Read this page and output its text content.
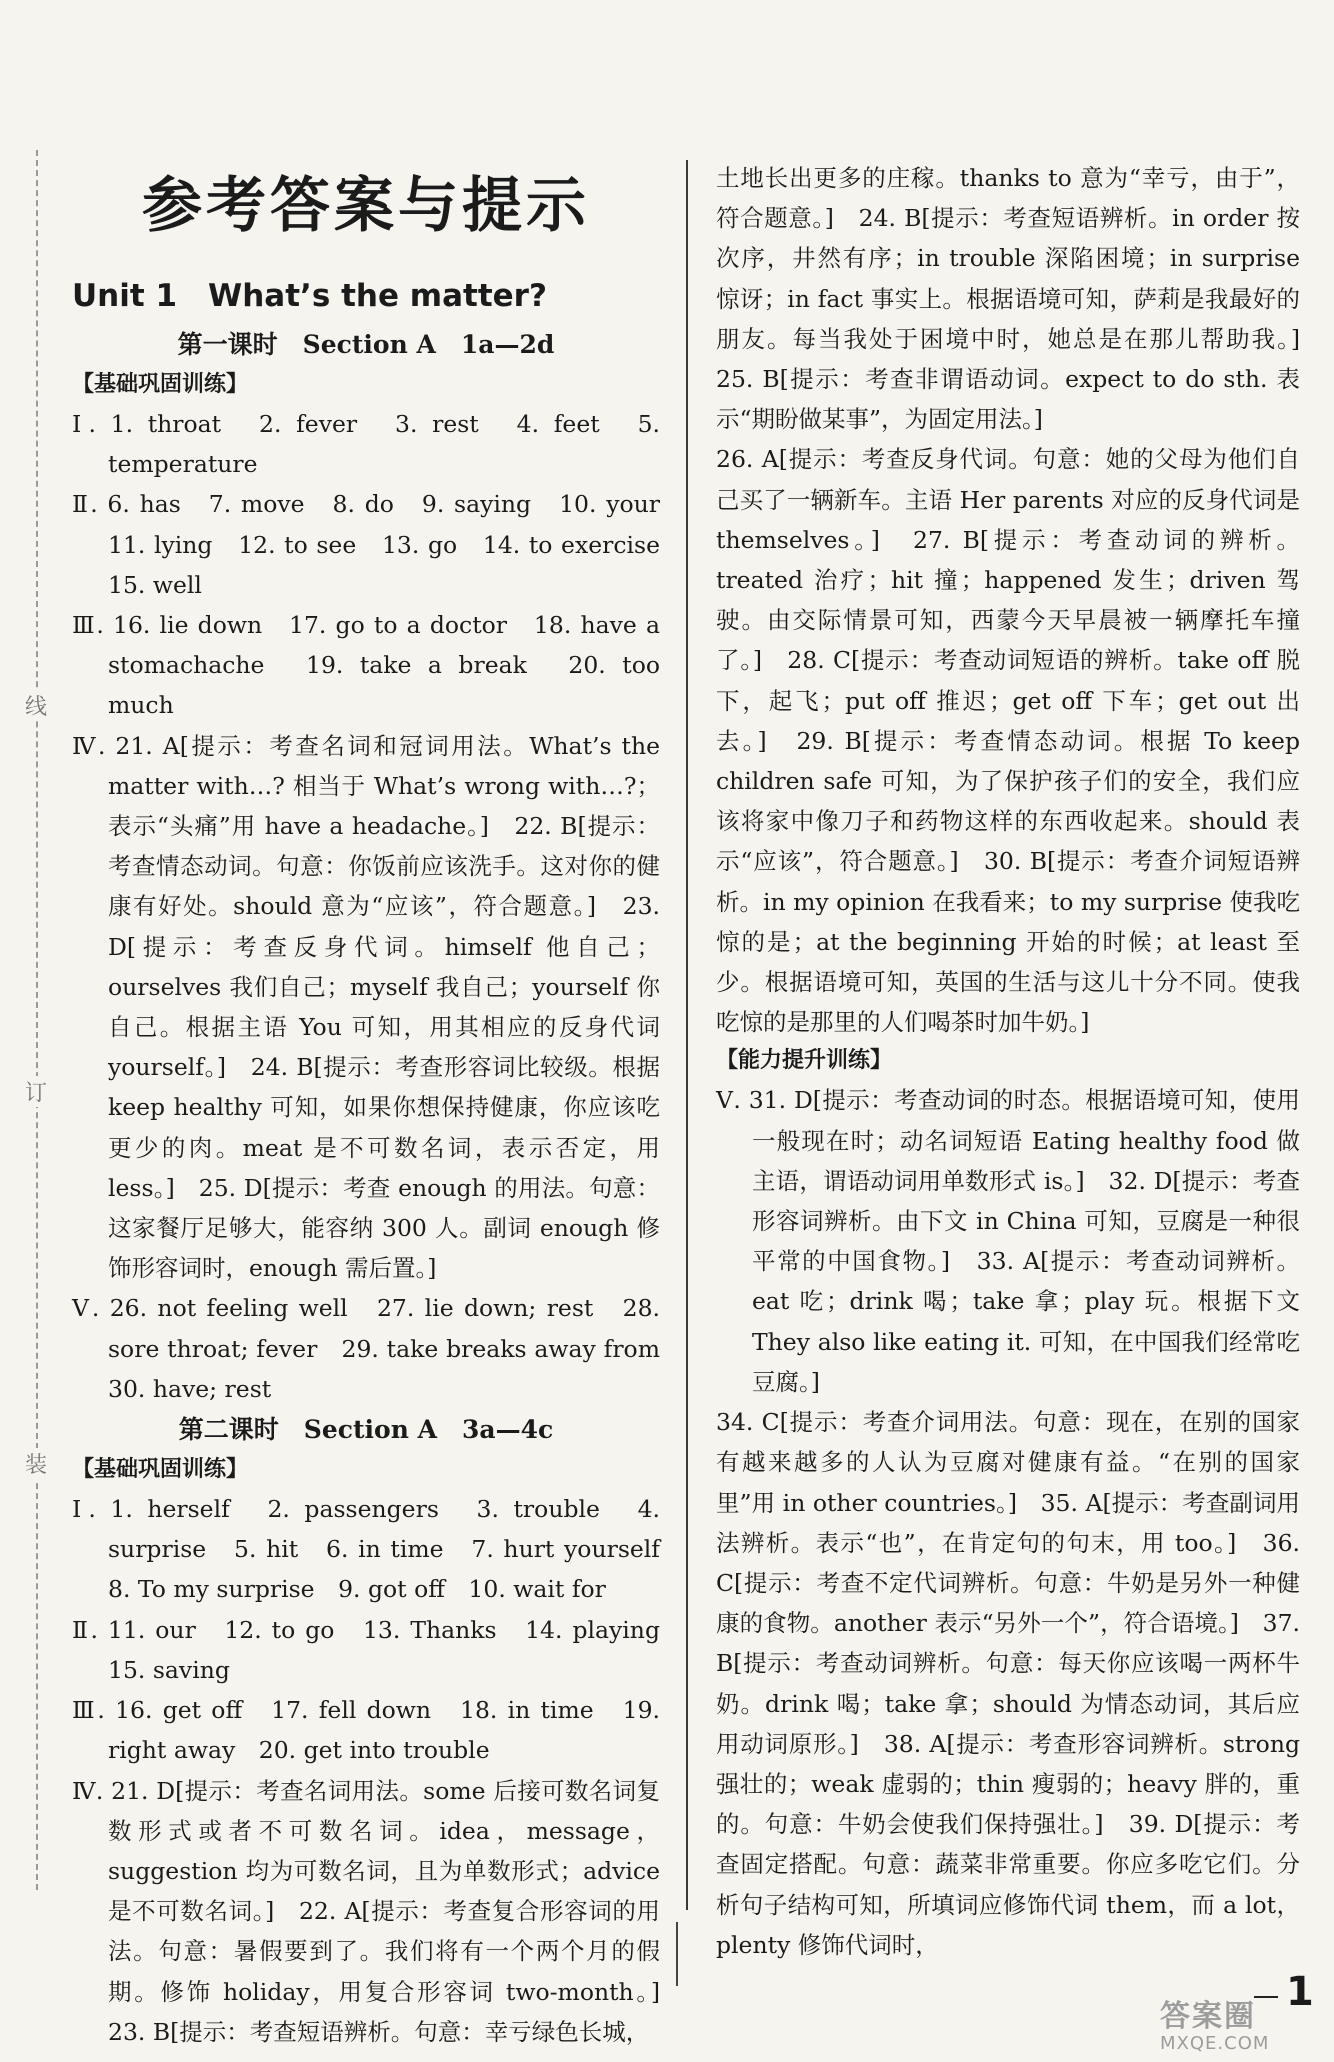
线
订
装
参考答案与提示
Unit 1　What’s the matter?
第一课时　Section A　1a—2d
【基础巩固训练】

Ⅰ. 1. throat　2. fever　3. rest　4. feet　5. temperature

Ⅱ. 6. has　7. move　8. do　9. saying　10. your　11. lying　12. to see　13. go　14. to exercise　15. well

Ⅲ. 16. lie down　17. go to a doctor　18. have a stomachache　19. take a break　20. too much

Ⅳ. 21. A[提示：考查名词和冠词用法。What’s the matter with…? 相当于 What’s wrong with…?；表示“头痛”用 have a headache。]　22. B[提示：考查情态动词。句意：你饭前应该洗手。这对你的健康有好处。should 意为“应该”，符合题意。]　23. D[提示：考查反身代词。himself 他自己；ourselves 我们自己；myself 我自己；yourself 你自己。根据主语 You 可知，用其相应的反身代词 yourself。]　24. B[提示：考查形容词比较级。根据 keep healthy 可知，如果你想保持健康，你应该吃更少的肉。meat 是不可数名词，表示否定，用 less。]　25. D[提示：考查 enough 的用法。句意：这家餐厅足够大，能容纳 300 人。副词 enough 修饰形容词时，enough 需后置。]

Ⅴ. 26. not feeling well　27. lie down; rest　28. sore throat; fever　29. take breaks away from　30. have; rest

第二课时　Section A　3a—4c
【基础巩固训练】

Ⅰ. 1. herself　2. passengers　3. trouble　4. surprise　5. hit　6. in time　7. hurt yourself　8. To my surprise　9. got off　10. wait for

Ⅱ. 11. our　12. to go　13. Thanks　14. playing　15. saving

Ⅲ. 16. get off　17. fell down　18. in time　19. right away　20. get into trouble

Ⅳ. 21. D[提示：考查名词用法。some 后接可数名词复数形式或者不可数名词。idea，message，suggestion 均为可数名词，且为单数形式；advice 是不可数名词。]　22. A[提示：考查复合形容词的用法。句意：暑假要到了。我们将有一个两个月的假期。修饰 holiday，用复合形容词 two-month。]　23. B[提示：考查短语辨析。句意：幸亏绿色长城，

土地长出更多的庄稼。thanks to 意为“幸亏，由于”，符合题意。]　24. B[提示：考查短语辨析。in order 按次序，井然有序；in trouble 深陷困境；in surprise 惊讶；in fact 事实上。根据语境可知，萨莉是我最好的朋友。每当我处于困境中时，她总是在那儿帮助我。]　25. B[提示：考查非谓语动词。expect to do sth. 表示“期盼做某事”，为固定用法。]

26. A[提示：考查反身代词。句意：她的父母为他们自己买了一辆新车。主语 Her parents 对应的反身代词是 themselves。]　27. B[提示：考查动词的辨析。treated 治疗；hit 撞；happened 发生；driven 驾驶。由交际情景可知，西蒙今天早晨被一辆摩托车撞了。]　28. C[提示：考查动词短语的辨析。take off 脱下，起飞；put off 推迟；get off 下车；get out 出去。]　29. B[提示：考查情态动词。根据 To keep children safe 可知，为了保护孩子们的安全，我们应该将家中像刀子和药物这样的东西收起来。should 表示“应该”，符合题意。]　30. B[提示：考查介词短语辨析。in my opinion 在我看来；to my surprise 使我吃惊的是；at the beginning 开始的时候；at least 至少。根据语境可知，英国的生活与这儿十分不同。使我吃惊的是那里的人们喝茶时加牛奶。]

【能力提升训练】

Ⅴ. 31. D[提示：考查动词的时态。根据语境可知，使用一般现在时；动名词短语 Eating healthy food 做主语，谓语动词用单数形式 is。]　32. D[提示：考查形容词辨析。由下文 in China 可知，豆腐是一种很平常的中国食物。]　33. A[提示：考查动词辨析。eat 吃；drink 喝；take 拿；play 玩。根据下文 They also like eating it. 可知，在中国我们经常吃豆腐。]

34. C[提示：考查介词用法。句意：现在，在别的国家有越来越多的人认为豆腐对健康有益。“在别的国家里”用 in other countries。]　35. A[提示：考查副词用法辨析。表示“也”，在肯定句的句末，用 too。]　36. C[提示：考查不定代词辨析。句意：牛奶是另外一种健康的食物。another 表示“另外一个”，符合语境。]　37. B[提示：考查动词辨析。句意：每天你应该喝一两杯牛奶。drink 喝；take 拿；should 为情态动词，其后应用动词原形。]　38. A[提示：考查形容词辨析。strong 强壮的；weak 虚弱的；thin 瘦弱的；heavy 胖的，重的。句意：牛奶会使我们保持强壮。]　39. D[提示：考查固定搭配。句意：蔬菜非常重要。你应多吃它们。分析句子结构可知，所填词应修饰代词 them，而 a lot，plenty 修饰代词时，

1
答案圈
MXQE.COM
